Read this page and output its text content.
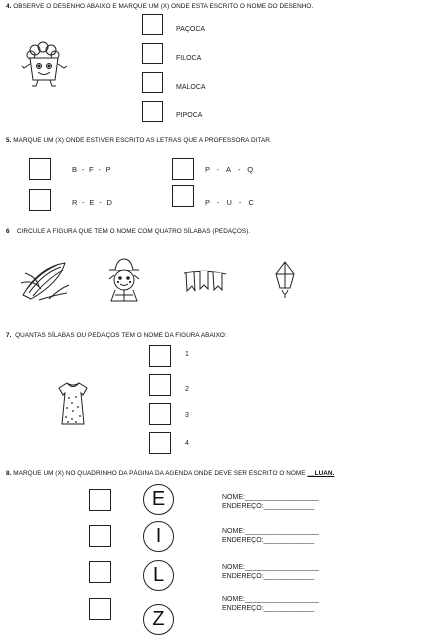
4. OBSERVE O DESENHO ABAIXO E MARQUE UM (X) ONDE ESTA ESCRITO O NOME DO DESENHO.
PAÇOCA
FILOCA
MALOCA
PIPOCA
5. MARQUE UM (X) ONDE ESTIVER ESCRITO AS LETRAS QUE A PROFESSORA DITAR.
B  -  F  -  P	P   -   A   -   Q
R  -  E  -  D	P   -   U   -   C
6 CIRCULE A FIGURA QUE TEM O NOME COM QUATRO SÍLABAS (PEDAÇOS).
7. QUANTAS SÍLABAS OU PEDAÇOS TEM O NOME DA FIGURA ABAIXO:
1
2
3
4
8. MARQUE UM (X) NO QUADRINHO DA PÁGINA DA AGENDA ONDE DEVE SER ESCRITO O NOME __LUAN.
E	NOME:___________________
ENDEREÇO:_____________
I	NOME:___________________
ENDEREÇO:_____________
L	NOME:___________________
ENDEREÇO:_____________
Z
NOME:___________________
ENDEREÇO:_____________
